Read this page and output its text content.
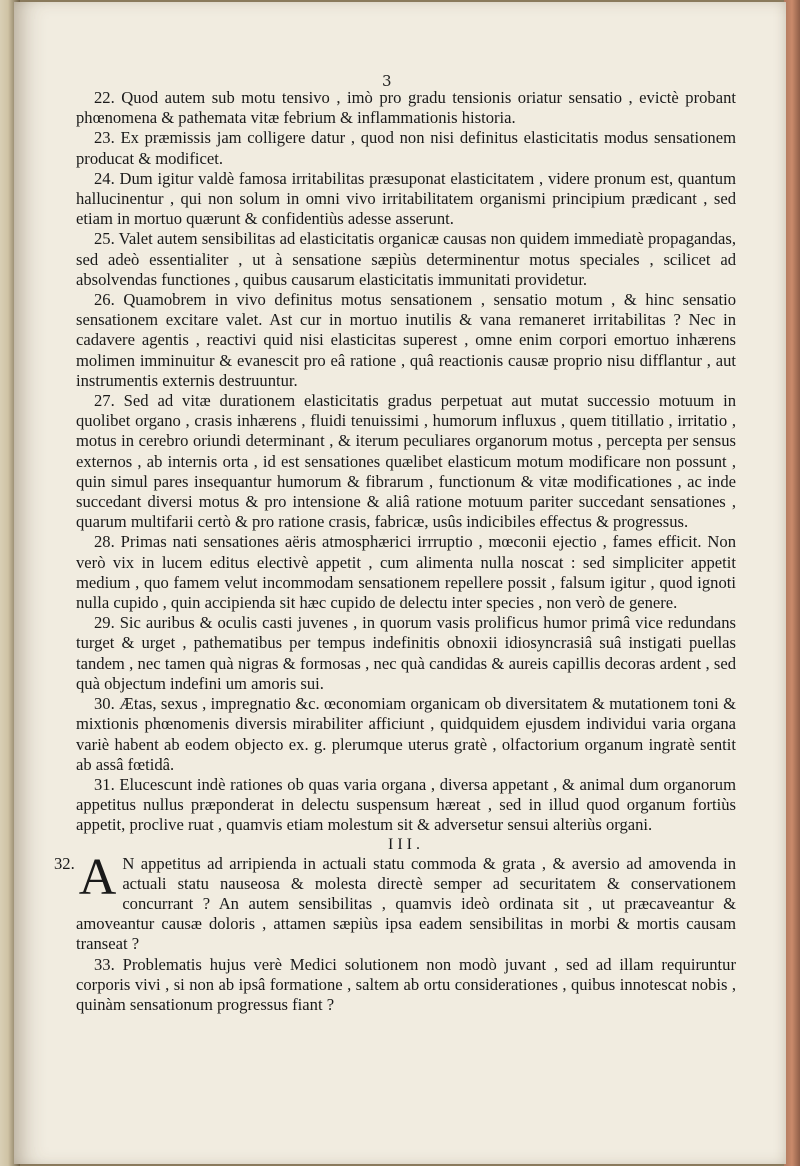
3

22. Quod autem sub motu tensivo , imò pro gradu tensionis oriatur sensatio , evictè probant phœnomena & pathemata vitæ febrium & inflammationis historia.

23. Ex præmissis jam colligere datur , quod non nisi definitus elasticitatis modus sensationem producat & modificet.

24. Dum igitur valdè famosa irritabilitas præsuponat elasticitatem , videre pronum est, quantum hallucinentur , qui non solum in omni vivo irritabilitatem organismi principium prædicant , sed etiam in mortuo quærunt & confidentiùs adesse asserunt.

25. Valet autem sensibilitas ad elasticitatis organicæ causas non quidem immediatè propagandas, sed adeò essentialiter , ut à sensatione sæpiùs determinentur motus speciales , scilicet ad absolvendas functiones , quibus causarum elasticitatis immunitati providetur.

26. Quamobrem in vivo definitus motus sensationem , sensatio motum , & hinc sensatio sensationem excitare valet. Ast cur in mortuo inutilis & vana remaneret irritabilitas ? Nec in cadavere agentis , reactivi quid nisi elasticitas superest , omne enim corpori emortuo inhærens molimen imminuitur & evanescit pro eâ ratione , quâ reactionis causæ proprio nisu difflantur , aut instrumentis externis destruuntur.

27. Sed ad vitæ durationem elasticitatis gradus perpetuat aut mutat successio motuum in quolibet organo , crasis inhærens , fluidi tenuissimi , humorum influxus , quem titillatio , irritatio , motus in cerebro oriundi determinant , & iterum peculiares organorum motus , percepta per sensus externos , ab internis orta , id est sensationes quælibet elasticum motum modificare non possunt , quin simul pares insequantur humorum & fibrarum , functionum & vitæ modificationes , ac inde succedant diversi motus & pro intensione & aliâ ratione motuum pariter succedant sensationes , quarum multifarii certò & pro ratione crasis, fabricæ, usûs indicibiles effectus & progressus.

28. Primas nati sensationes aëris atmosphærici irrruptio , mœconii ejectio , fames efficit. Non verò vix in lucem editus electivè appetit , cum alimenta nulla noscat : sed simpliciter appetit medium , quo famem velut incommodam sensationem repellere possit , falsum igitur , quod ignoti nulla cupido , quin accipienda sit hæc cupido de delectu inter species , non verò de genere.

29. Sic auribus & oculis casti juvenes , in quorum vasis prolificus humor primâ vice redundans turget & urget , pathematibus per tempus indefinitis obnoxii idiosyncrasiâ suâ instigati puellas tandem , nec tamen quà nigras & formosas , nec quà candidas & aureis capillis decoras ardent , sed quà objectum indefini um amoris sui.

30. Ætas, sexus , impregnatio &c. œconomiam organicam ob diversitatem & mutationem toni & mixtionis phœnomenis diversis mirabiliter afficiunt , quidquidem ejusdem individui varia organa variè habent ab eodem objecto ex. g. plerumque uterus gratè , olfactorium organum ingratè sentit ab assâ fœtidâ.

31. Elucescunt indè rationes ob quas varia organa , diversa appetant , & animal dum organorum appetitus nullus præponderat in delectu suspensum hæreat , sed in illud quod organum fortiùs appetit, proclive ruat , quamvis etiam molestum sit & adversetur sensui alteriùs organi.

III.

32. A N appetitus ad arripienda in actuali statu commoda & grata , & aversio ad amovenda in actuali statu nauseosa & molesta directè semper ad securitatem & conservationem concurrant ? An autem sensibilitas , quamvis ideò ordinata sit , ut præcaveantur & amoveantur causæ doloris , attamen sæpiùs ipsa eadem sensibilitas in morbi & mortis causam transeat ?

33. Problematis hujus verè Medici solutionem non modò juvant , sed ad illam requiruntur corporis vivi , si non ab ipsâ formatione , saltem ab ortu considerationes , quibus innotescat nobis , quinàm sensationum progressus fiant ?
